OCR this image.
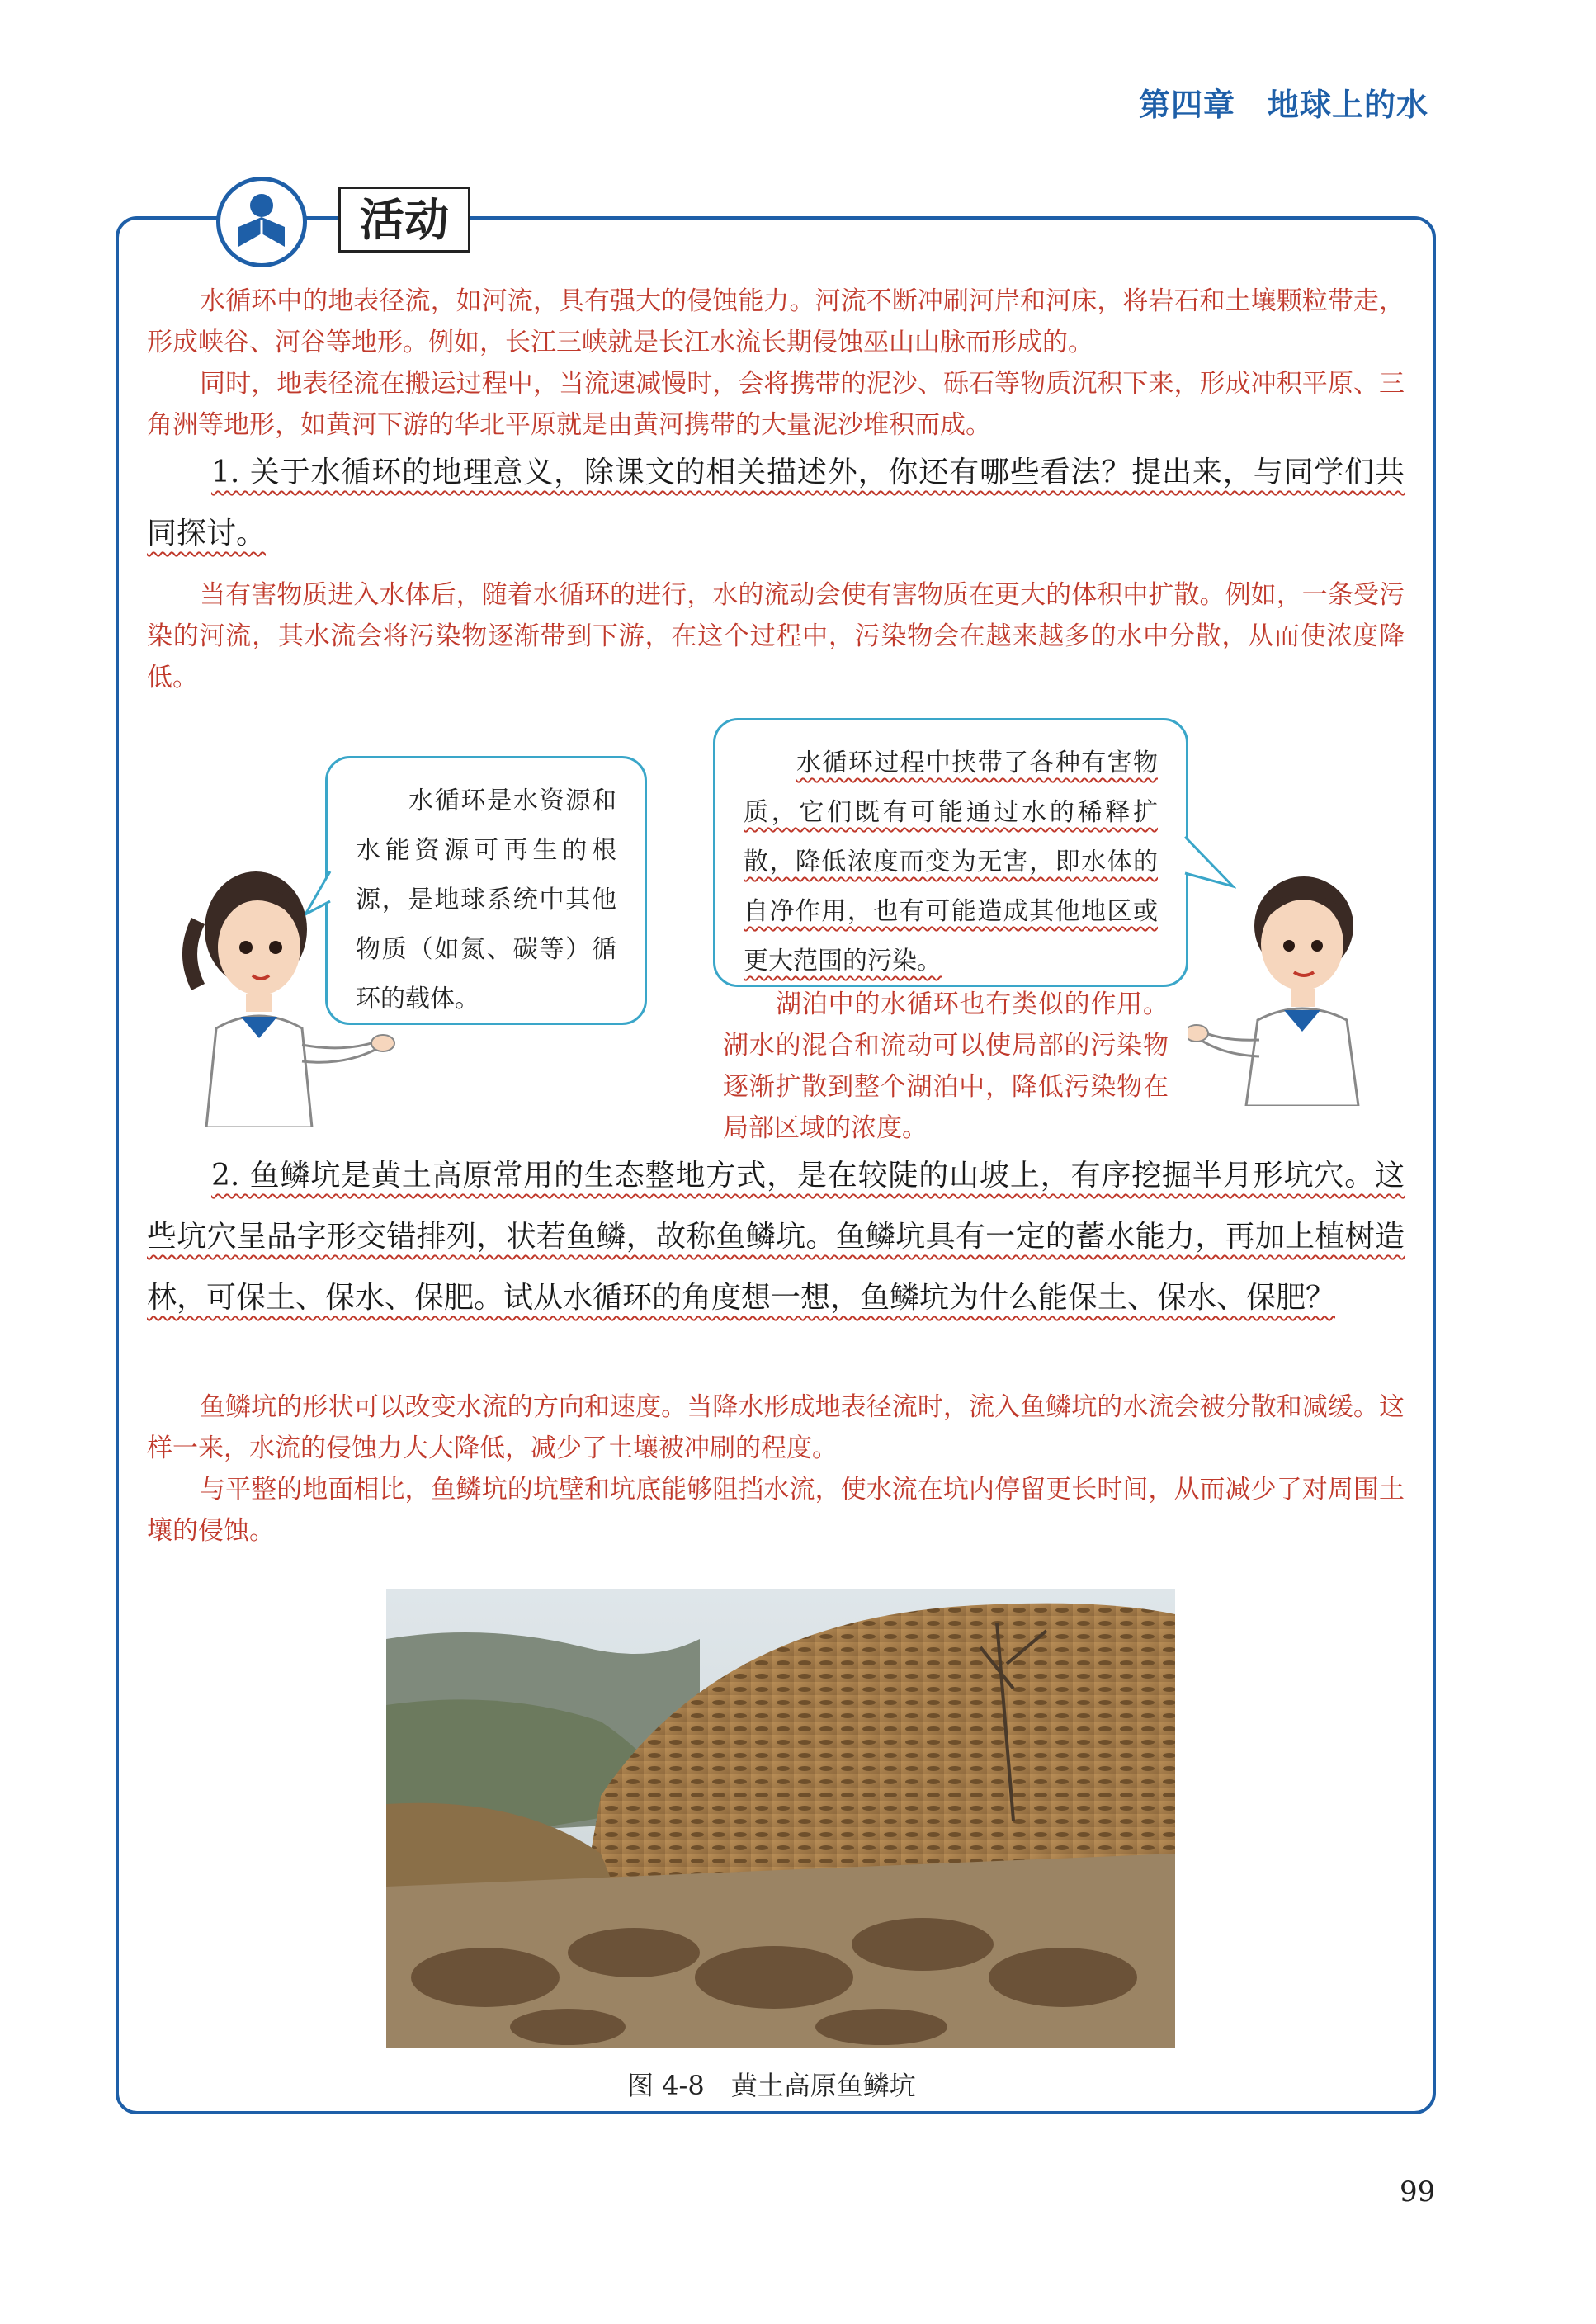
第四章　地球上的水
活动
水循环中的地表径流，如河流，具有强大的侵蚀能力。河流不断冲刷河岸和河床，将岩石和土壤颗粒带走，形成峡谷、河谷等地形。例如，长江三峡就是长江水流长期侵蚀巫山山脉而形成的。
同时，地表径流在搬运过程中，当流速减慢时，会将携带的泥沙、砾石等物质沉积下来，形成冲积平原、三角洲等地形，如黄河下游的华北平原就是由黄河携带的大量泥沙堆积而成。
1. 关于水循环的地理意义，除课文的相关描述外，你还有哪些看法？提出来，与同学们共同探讨。
当有害物质进入水体后，随着水循环的进行，水的流动会使有害物质在更大的体积中扩散。例如，一条受污染的河流，其水流会将污染物逐渐带到下游，在这个过程中，污染物会在越来越多的水中分散，从而使浓度降低。
水循环是水资源和水能资源可再生的根源，是地球系统中其他物质（如氮、碳等）循环的载体。
水循环过程中挟带了各种有害物质，它们既有可能通过水的稀释扩散，降低浓度而变为无害，即水体的自净作用，也有可能造成其他地区或更大范围的污染。
湖泊中的水循环也有类似的作用。湖水的混合和流动可以使局部的污染物逐渐扩散到整个湖泊中，降低污染物在局部区域的浓度。
2. 鱼鳞坑是黄土高原常用的生态整地方式，是在较陡的山坡上，有序挖掘半月形坑穴。这些坑穴呈品字形交错排列，状若鱼鳞，故称鱼鳞坑。鱼鳞坑具有一定的蓄水能力，再加上植树造林，可保土、保水、保肥。试从水循环的角度想一想，鱼鳞坑为什么能保土、保水、保肥？
鱼鳞坑的形状可以改变水流的方向和速度。当降水形成地表径流时，流入鱼鳞坑的水流会被分散和减缓。这样一来，水流的侵蚀力大大降低，减少了土壤被冲刷的程度。
与平整的地面相比，鱼鳞坑的坑壁和坑底能够阻挡水流，使水流在坑内停留更长时间，从而减少了对周围土壤的侵蚀。
图 4-8　黄土高原鱼鳞坑
99
